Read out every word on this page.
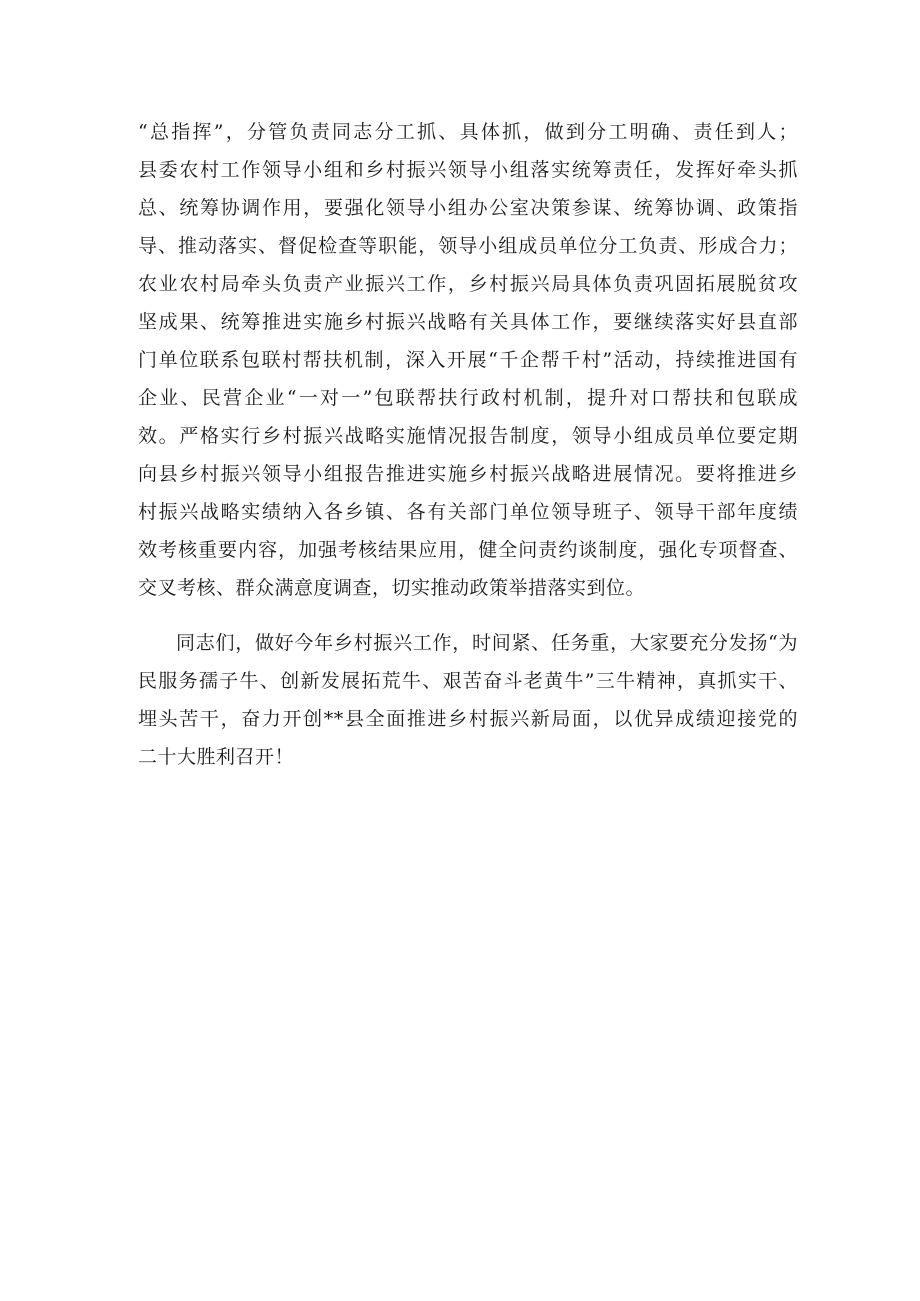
“总指挥”，分管负责同志分工抓、具体抓，做到分工明确、责任到人；
县委农村工作领导小组和乡村振兴领导小组落实统筹责任，发挥好牵头抓
总、统筹协调作用，要强化领导小组办公室决策参谋、统筹协调、政策指
导、推动落实、督促检查等职能，领导小组成员单位分工负责、形成合力；
农业农村局牵头负责产业振兴工作，乡村振兴局具体负责巩固拓展脱贫攻
坚成果、统筹推进实施乡村振兴战略有关具体工作，要继续落实好县直部
门单位联系包联村帮扶机制，深入开展“千企帮千村”活动，持续推进国有
企业、民营企业“一对一”包联帮扶行政村机制，提升对口帮扶和包联成
效。严格实行乡村振兴战略实施情况报告制度，领导小组成员单位要定期
向县乡村振兴领导小组报告推进实施乡村振兴战略进展情况。要将推进乡
村振兴战略实绩纳入各乡镇、各有关部门单位领导班子、领导干部年度绩
效考核重要内容，加强考核结果应用，健全问责约谈制度，强化专项督查、
交叉考核、群众满意度调查，切实推动政策举措落实到位。
同志们，做好今年乡村振兴工作，时间紧、任务重，大家要充分发扬“为
民服务孺子牛、创新发展拓荒牛、艰苦奋斗老黄牛”三牛精神，真抓实干、
埋头苦干，奋力开创**县全面推进乡村振兴新局面，以优异成绩迎接党的
二十大胜利召开！
